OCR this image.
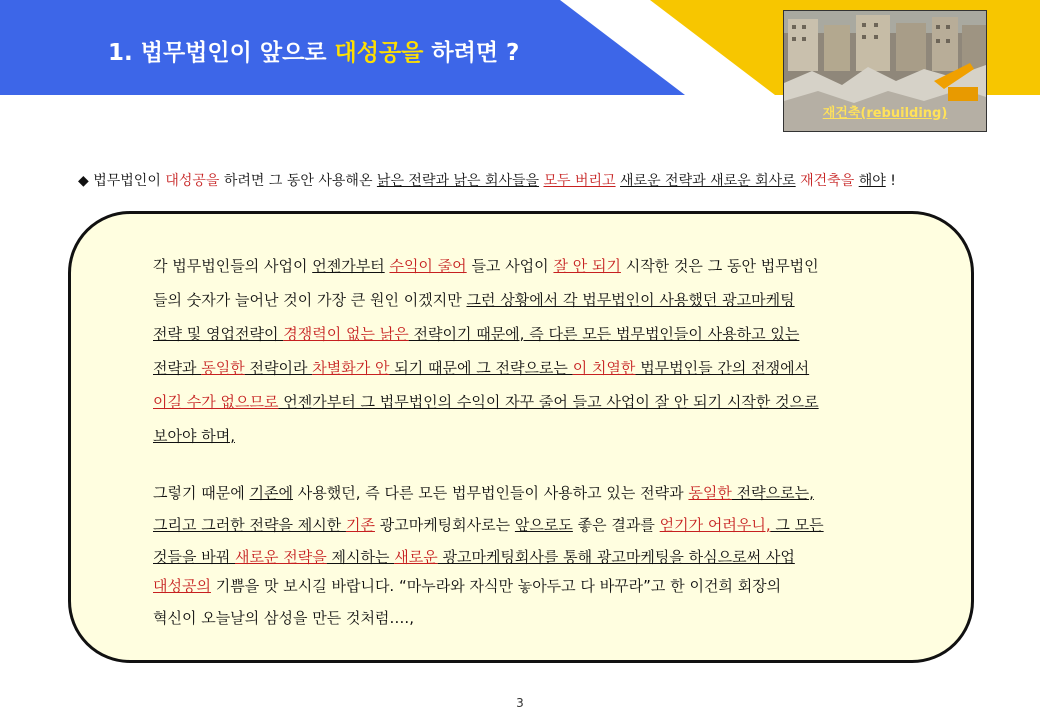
1. 법무법인이 앞으로 대성공을 하려면 ?
재건축(rebuilding)
◆ 법무법인이 대성공을 하려면 그 동안 사용해온 낡은 전략과 낡은 회사들을 모두 버리고 새로운 전략과 새로운 회사로 재건축을 해야 !
각 법무법인들의 사업이 언젠가부터 수익이 줄어 들고 사업이 잘 안 되기 시작한 것은 그 동안 법무법인
들의 숫자가 늘어난 것이 가장 큰 원인 이겠지만 그런 상황에서 각 법무법인이 사용했던 광고마케팅
전략 및 영업전략이 경쟁력이 없는 낡은 전략이기 때문에, 즉 다른 모든 법무법인들이 사용하고 있는
전략과 동일한 전략이라 차별화가 안 되기 때문에 그 전략으로는 이 치열한 법무법인들 간의 전쟁에서
이길 수가 없으므로 언젠가부터 그 법무법인의 수익이 자꾸 줄어 들고 사업이 잘 안 되기 시작한 것으로
보아야 하며,
그렇기 때문에 기존에 사용했던, 즉 다른 모든 법무법인들이 사용하고 있는 전략과 동일한 전략으로는,
그리고 그러한 전략을 제시한 기존 광고마케팅회사로는 앞으로도 좋은 결과를 얻기가 어려우니, 그 모든
것들을 바꿔 새로운 전략을 제시하는 새로운 광고마케팅회사를 통해 광고마케팅을 하심으로써 사업
대성공의 기쁨을 맛 보시길 바랍니다. “마누라와 자식만 놓아두고 다 바꾸라”고 한 이건희 회장의
혁신이 오늘날의 삼성을 만든 것처럼….,
3
